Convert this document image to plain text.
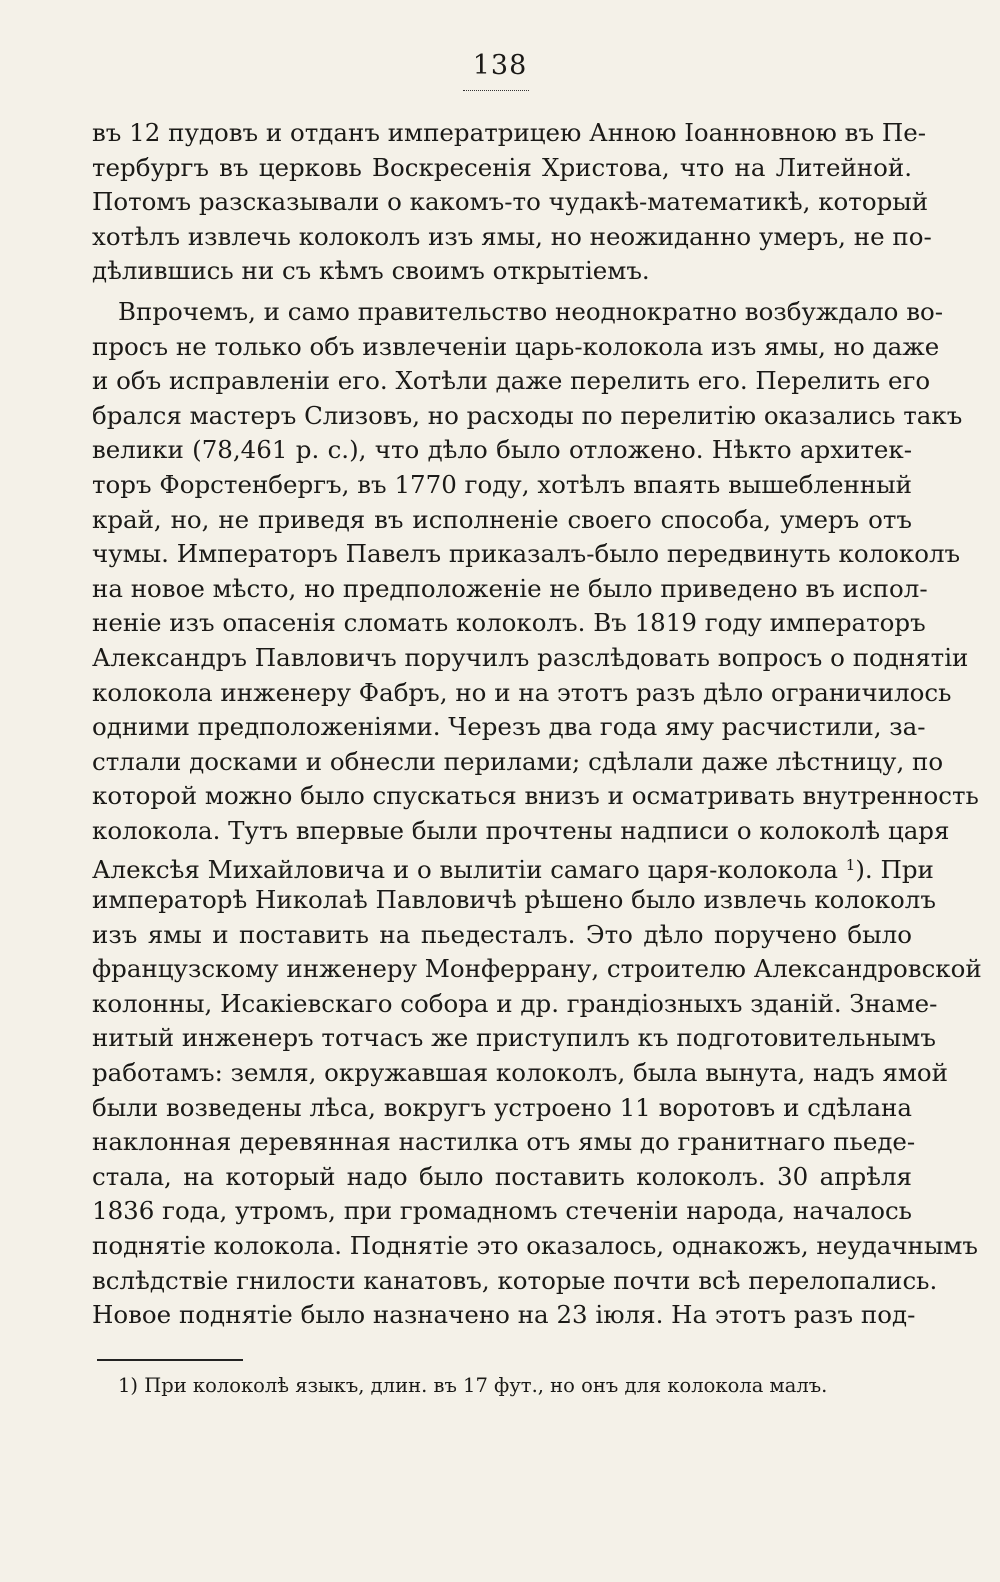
138
въ 12 пудовъ и отданъ императрицею Анною Іоанновною въ Пе-
тербургъ въ церковь Воскресенія Христова, что на Литейной.
Потомъ разсказывали о какомъ-то чудакѣ-математикѣ, который
хотѣлъ извлечь колоколъ изъ ямы, но неожиданно умеръ, не по-
дѣлившись ни съ кѣмъ своимъ открытіемъ.
Впрочемъ, и само правительство неоднократно возбуждало во-
просъ не только объ извлеченіи царь-колокола изъ ямы, но даже
и объ исправленіи его. Хотѣли даже перелить его. Перелить его
брался мастеръ Слизовъ, но расходы по перелитію оказались такъ
велики (78,461 р. с.), что дѣло было отложено. Нѣкто архитек-
торъ Форстенбергъ, въ 1770 году, хотѣлъ впаять вышебленный
край, но, не приведя въ исполненіе своего способа, умеръ отъ
чумы. Императоръ Павелъ приказалъ-было передвинуть колоколъ
на новое мѣсто, но предположеніе не было приведено въ испол-
неніе изъ опасенія сломать колоколъ. Въ 1819 году императоръ
Александръ Павловичъ поручилъ разслѣдовать вопросъ о поднятіи
колокола инженеру Фабръ, но и на этотъ разъ дѣло ограничилось
одними предположеніями. Черезъ два года яму расчистили, за-
стлали досками и обнесли перилами; сдѣлали даже лѣстницу, по
которой можно было спускаться внизъ и осматривать внутренность
колокола. Тутъ впервые были прочтены надписи о колоколѣ царя
Алексѣя Михайловича и о вылитіи самаго царя-колокола $^1$). При
императорѣ Николаѣ Павловичѣ рѣшено было извлечь колоколъ
изъ ямы и поставить на пьедесталъ. Это дѣло поручено было
французскому инженеру Монферрану, строителю Александровской
колонны, Исакіевскаго собора и др. грандіозныхъ зданій. Знаме-
нитый инженеръ тотчасъ же приступилъ къ подготовительнымъ
работамъ: земля, окружавшая колоколъ, была вынута, надъ ямой
были возведены лѣса, вокругъ устроено 11 воротовъ и сдѣлана
наклонная деревянная настилка отъ ямы до гранитнаго пьеде-
стала, на который надо было поставить колоколъ. 30 апрѣля
1836 года, утромъ, при громадномъ стеченіи народа, началось
поднятіе колокола. Поднятіе это оказалось, однакожъ, неудачнымъ
вслѣдствіе гнилости канатовъ, которые почти всѣ перелопались.
Новое поднятіе было назначено на 23 іюля. На этотъ разъ под-
1) При колоколѣ языкъ, длин. въ 17 фут., но онъ для колокола малъ.
